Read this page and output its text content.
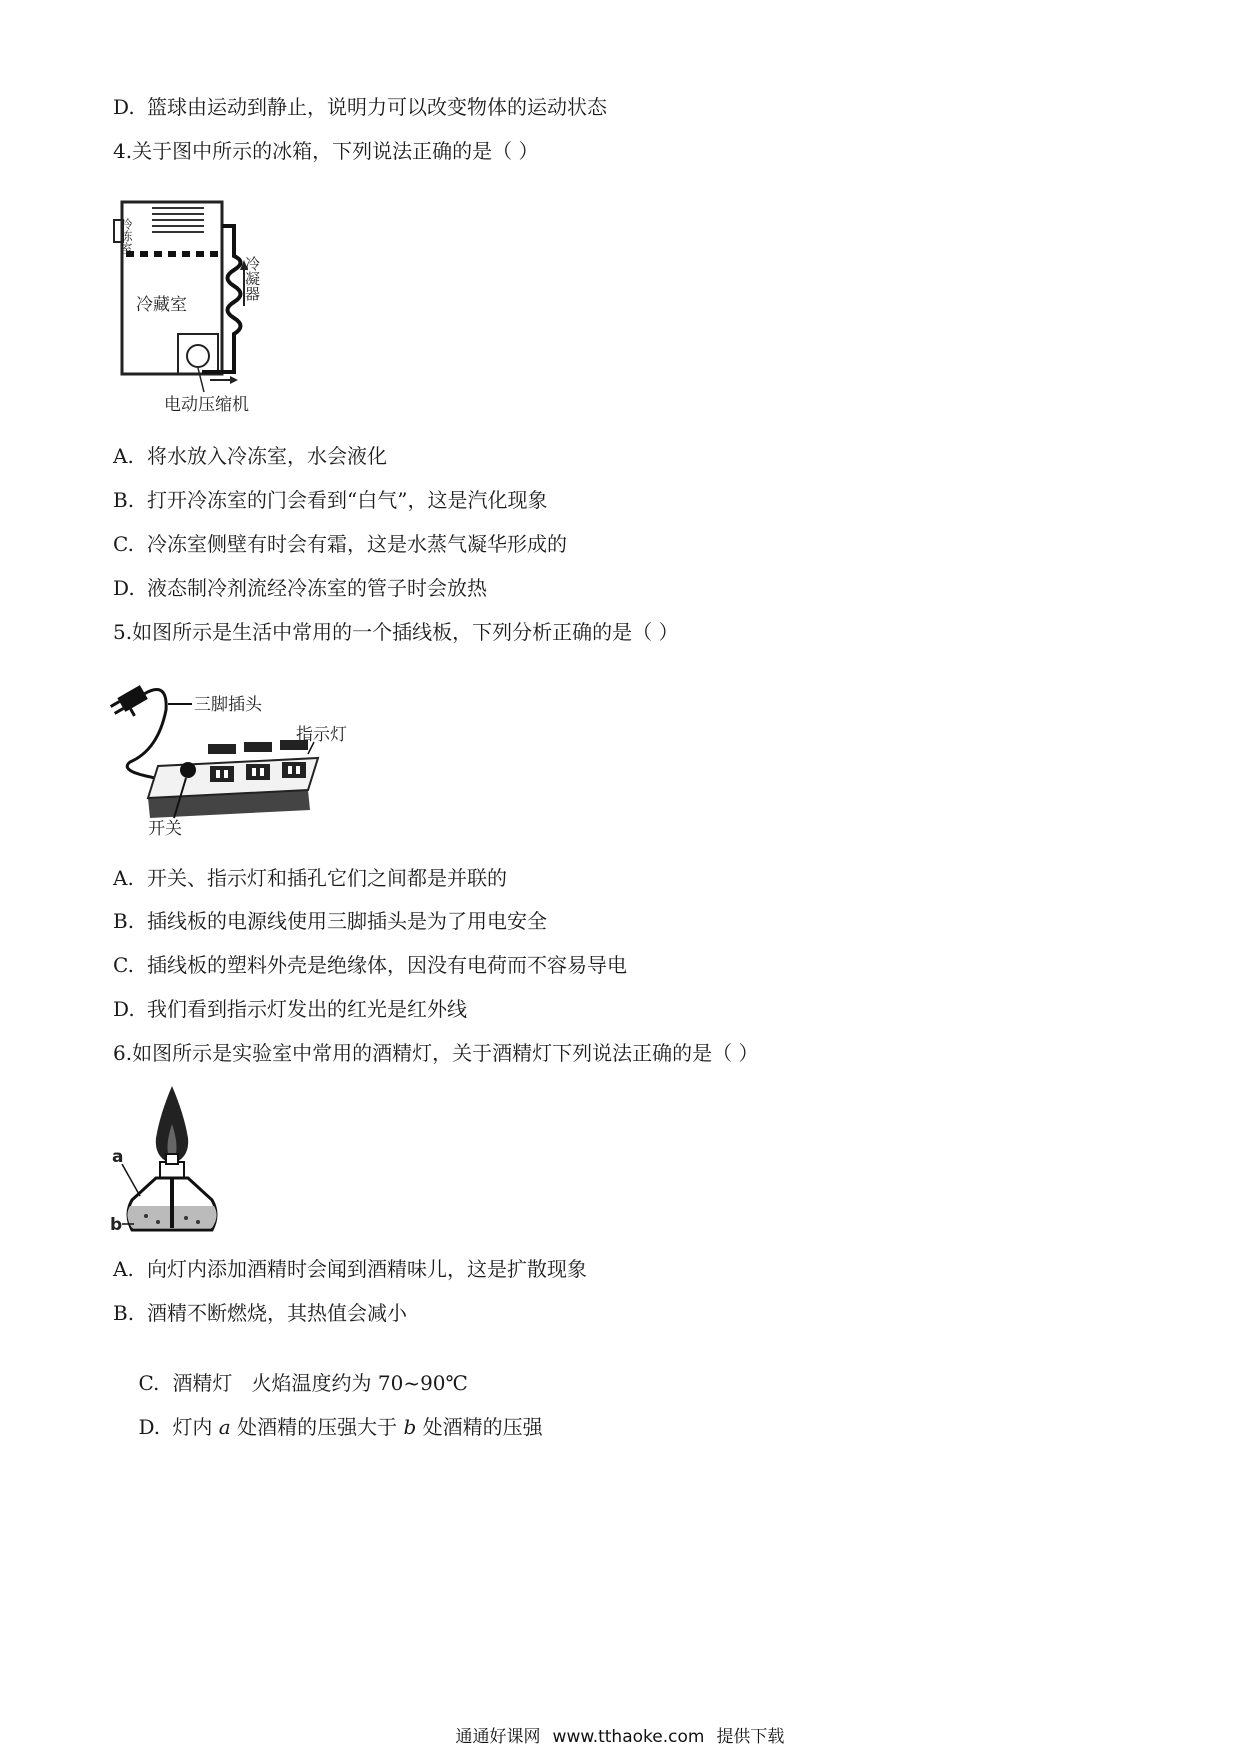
D. 篮球由运动到静止，说明力可以改变物体的运动状态
4.关于图中所示的冰箱，下列说法正确的是（ ）
冷冻室
冷藏室
冷凝器
电动压缩机
A. 将水放入冷冻室，水会液化
B. 打开冷冻室的门会看到“白气”，这是汽化现象
C. 冷冻室侧壁有时会有霜，这是水蒸气凝华形成的
D. 液态制冷剂流经冷冻室的管子时会放热
5.如图所示是生活中常用的一个插线板，下列分析正确的是（ ）
三脚插头
开关
指示灯
A. 开关、指示灯和插孔它们之间都是并联的
B. 插线板的电源线使用三脚插头是为了用电安全
C. 插线板的塑料外壳是绝缘体，因没有电荷而不容易导电
D. 我们看到指示灯发出的红光是红外线
6.如图所示是实验室中常用的酒精灯，关于酒精灯下列说法正确的是（ ）
a
b
A. 向灯内添加酒精时会闻到酒精味儿，这是扩散现象
B. 酒精不断燃烧，其热值会减小

C. 酒精灯   火焰温度约为 70~90℃

D. 灯内 a 处酒精的压强大于 b 处酒精的压强

通通好课网 www.tthaoke.com 提供下载
